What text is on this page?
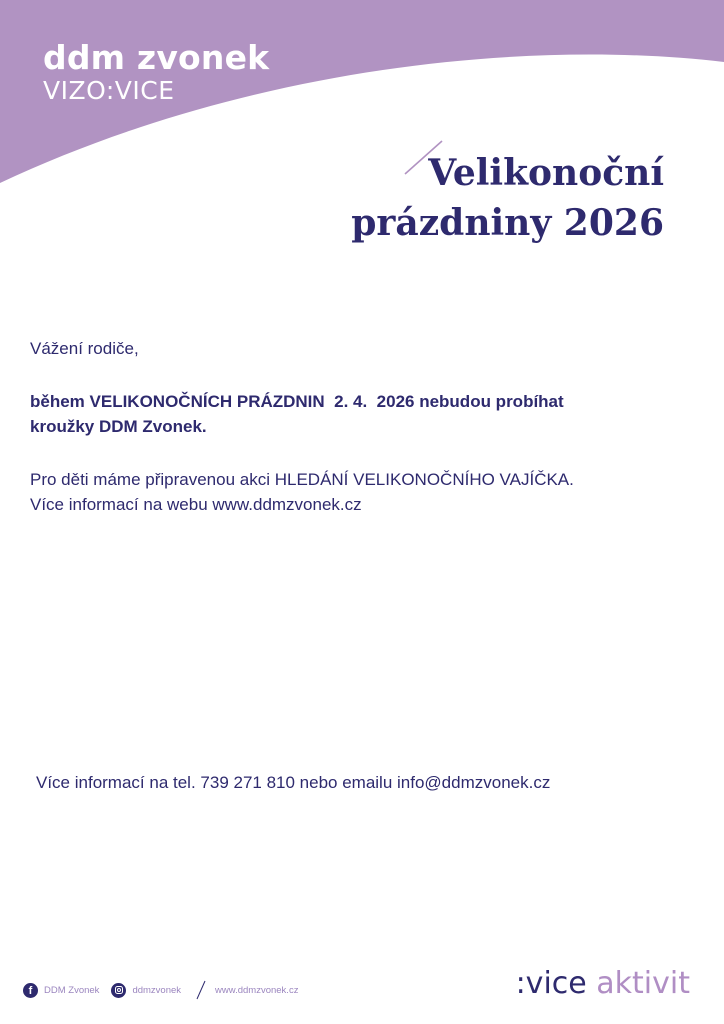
ddm zvonek
VIZO:VICE
Velikonoční
prázdniny 2026

Vážení rodiče,

během VELIKONOČNÍCH PRÁZDNIN  2. 4.  2026 nebudou probíhat
kroužky DDM Zvonek.

Pro děti máme připravenou akci HLEDÁNÍ VELIKONOČNÍHO VAJÍČKA.
Více informací na webu www.ddmzvonek.cz

Více informací na tel. 739 271 810 nebo emailu info@ddmzvonek.cz
f
DDM Zvonek	ddmzvonek	www.ddmzvonek.cz	:vice aktivit
